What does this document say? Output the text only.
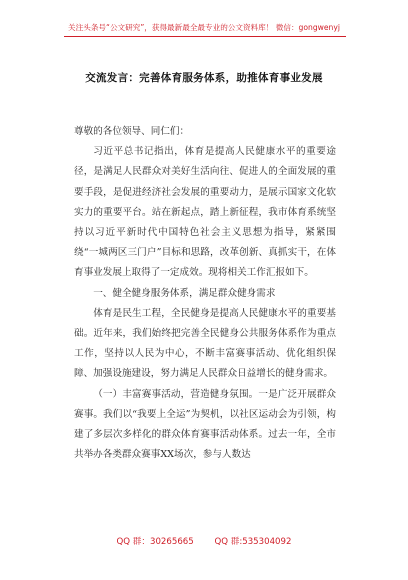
关注头条号“公文研究”，获得最新最全最专业的公文资料库！ 微信：gongwenyj
交流发言：完善体育服务体系，助推体育事业发展

尊敬的各位领导、同仁们：

习近平总书记指出，体育是提高人民健康水平的重要途径，是满足人民群众对美好生活向往、促进人的全面发展的重要手段，是促进经济社会发展的重要动力，是展示国家文化软实力的重要平台。站在新起点，踏上新征程，我市体育系统坚持以习近平新时代中国特色社会主义思想为指导，紧紧围绕“一城两区三门户”目标和思路，改革创新、真抓实干，在体育事业发展上取得了一定成效。现将相关工作汇报如下。

一、健全健身服务体系，满足群众健身需求

体育是民生工程，全民健身是提高人民健康水平的重要基础。近年来，我们始终把完善全民健身公共服务体系作为重点工作，坚持以人民为中心，不断丰富赛事活动、优化组织保障、加强设施建设，努力满足人民群众日益增长的健身需求。

（一）丰富赛事活动，营造健身氛围。一是广泛开展群众赛事。我们以“我要上全运”为契机，以社区运动会为引领，构建了多层次多样化的群众体育赛事活动体系。过去一年，全市共举办各类群众赛事XX场次，参与人数达

QQ 群：30265665 QQ 群:535304092
